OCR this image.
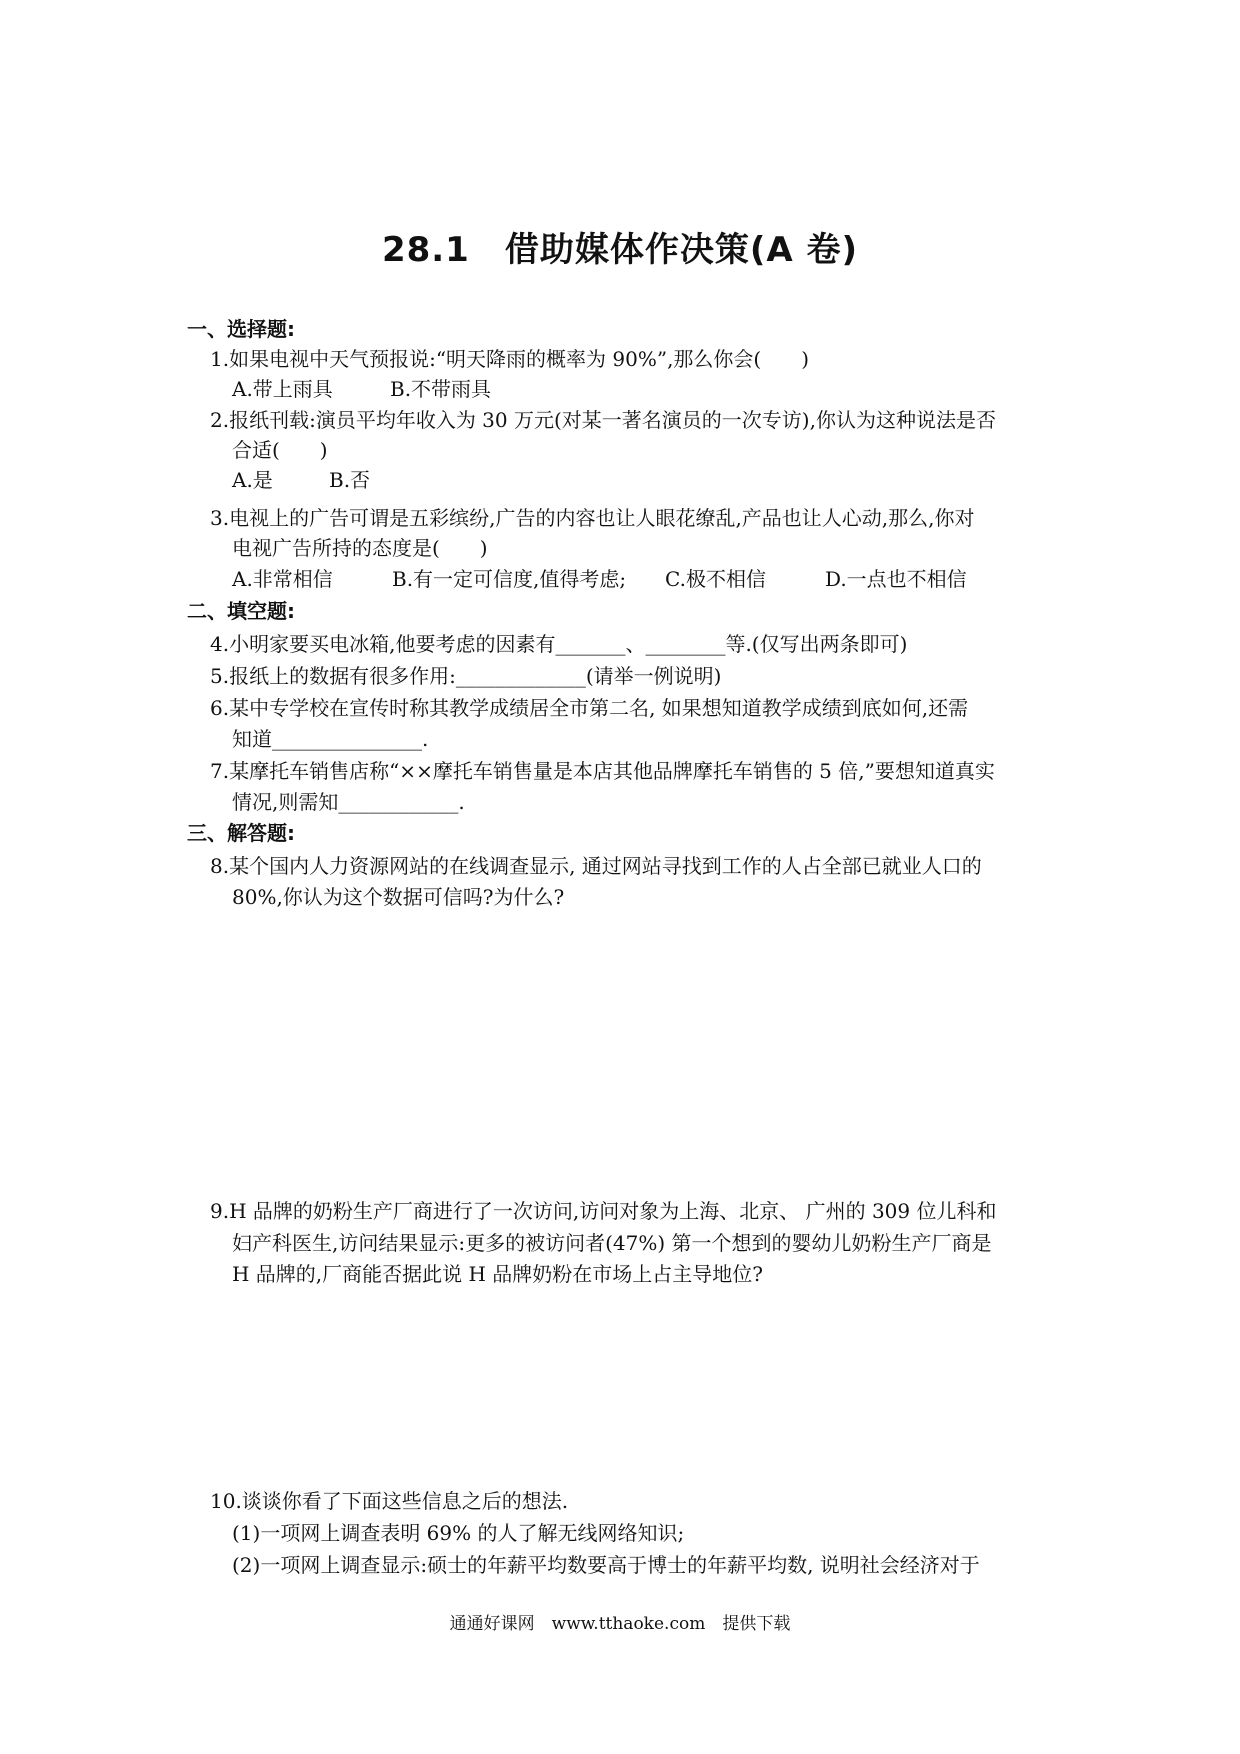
28.1　借助媒体作决策(A 卷)
一、选择题:
1.如果电视中天气预报说:“明天降雨的概率为 90%”,那么你会(　　)
A.带上雨具	B.不带雨具
2.报纸刊载:演员平均年收入为 30 万元(对某一著名演员的一次专访),你认为这种说法是否
合适(　　)
A.是	B.否
3.电视上的广告可谓是五彩缤纷,广告的内容也让人眼花缭乱,产品也让人心动,那么,你对
电视广告所持的态度是(　　)
A.非常相信	B.有一定可信度,值得考虑; C.极不相信	D.一点也不相信
二、填空题:
4.小明家要买电冰箱,他要考虑的因素有_______、________等.(仅写出两条即可)
5.报纸上的数据有很多作用:_____________(请举一例说明)
6.某中专学校在宣传时称其教学成绩居全市第二名, 如果想知道教学成绩到底如何,还需
知道_______________.
7.某摩托车销售店称“××摩托车销售量是本店其他品牌摩托车销售的 5 倍,”要想知道真实
情况,则需知____________.
三、解答题:
8.某个国内人力资源网站的在线调查显示, 通过网站寻找到工作的人占全部已就业人口的
80%,你认为这个数据可信吗?为什么?
9.H 品牌的奶粉生产厂商进行了一次访问,访问对象为上海、北京、 广州的 309 位儿科和
妇产科医生,访问结果显示:更多的被访问者(47%) 第一个想到的婴幼儿奶粉生产厂商是
H 品牌的,厂商能否据此说 H 品牌奶粉在市场上占主导地位?
10.谈谈你看了下面这些信息之后的想法.
(1)一项网上调查表明 69% 的人了解无线网络知识;
(2)一项网上调查显示:硕士的年薪平均数要高于博士的年薪平均数, 说明社会经济对于
通通好课网　www.tthaoke.com　提供下载
